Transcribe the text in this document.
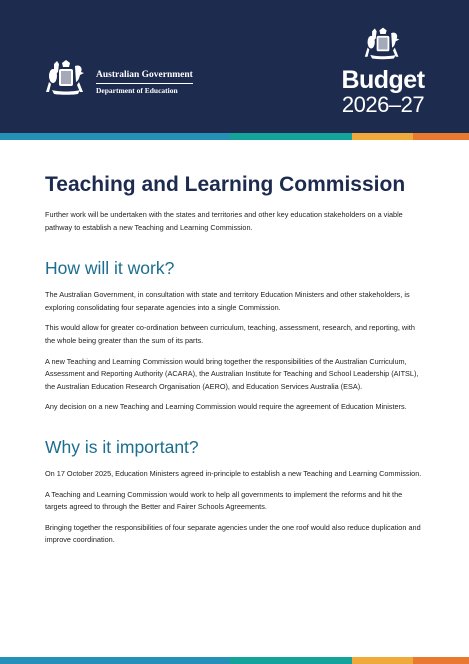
Australian Government
Department of Education	Budget
2026–27
Teaching and Learning Commission

Further work will be undertaken with the states and territories and other key education stakeholders on a viable pathway to establish a new Teaching and Learning Commission.

How will it work?

The Australian Government, in consultation with state and territory Education Ministers and other stakeholders, is exploring consolidating four separate agencies into a single Commission.

This would allow for greater co-ordination between curriculum, teaching, assessment, research, and reporting, with the whole being greater than the sum of its parts.

A new Teaching and Learning Commission would bring together the responsibilities of the Australian Curriculum, Assessment and Reporting Authority (ACARA), the Australian Institute for Teaching and School Leadership (AITSL), the Australian Education Research Organisation (AERO), and Education Services Australia (ESA).

Any decision on a new Teaching and Learning Commission would require the agreement of Education Ministers.

Why is it important?

On 17 October 2025, Education Ministers agreed in-principle to establish a new Teaching and Learning Commission.

A Teaching and Learning Commission would work to help all governments to implement the reforms and hit the targets agreed to through the Better and Fairer Schools Agreements.

Bringing together the responsibilities of four separate agencies under the one roof would also reduce duplication and improve coordination.
